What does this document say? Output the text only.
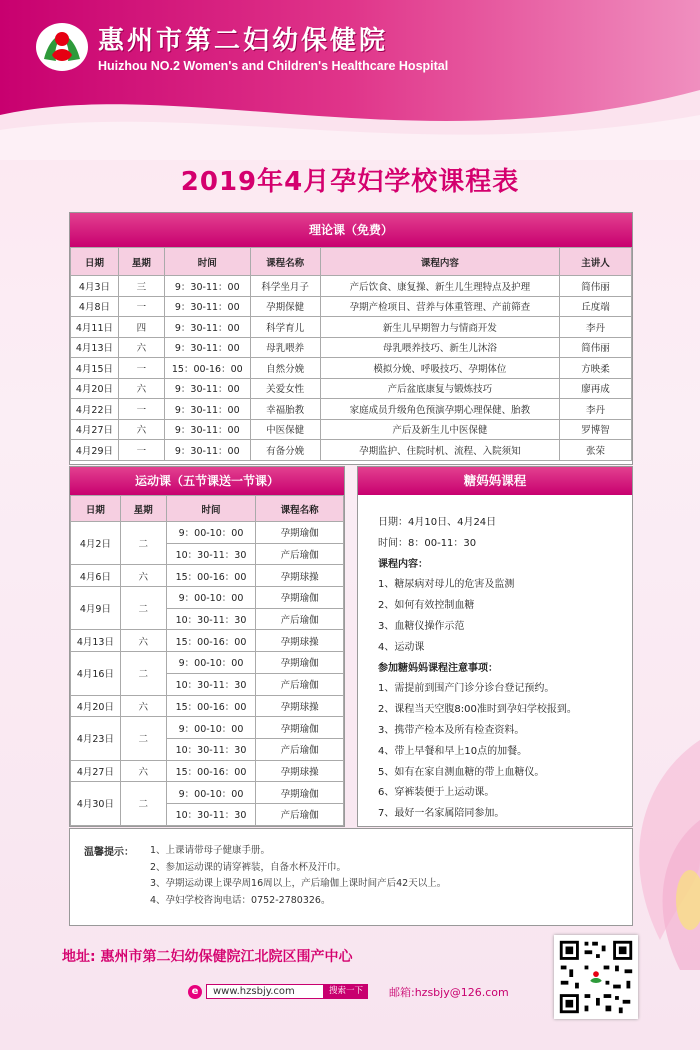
惠州市第二妇幼保健院
Huizhou NO.2 Women's and Children's Healthcare Hospital
2019年4月孕妇学校课程表
理论课（免费）
日期	星期	时间	课程名称	课程内容	主讲人
4月3日	三	9：30-11：00	科学坐月子	产后饮食、康复操、新生儿生理特点及护理	简伟丽
4月8日	一	9：30-11：00	孕期保健	孕期产检项目、营养与体重管理、产前筛查	丘度端
4月11日	四	9：30-11：00	科学育儿	新生儿早期智力与情商开发	李丹
4月13日	六	9：30-11：00	母乳喂养	母乳喂养技巧、新生儿沐浴	简伟丽
4月15日	一	15：00-16：00	自然分娩	模拟分娩、呼吸技巧、孕期体位	方映柔
4月20日	六	9：30-11：00	关爱女性	产后盆底康复与锻炼技巧	廖再成
4月22日	一	9：30-11：00	幸福胎教	家庭成员升级角色预演孕期心理保健、胎教	李丹
4月27日	六	9：30-11：00	中医保健	产后及新生儿中医保健	罗博智
4月29日	一	9：30-11：00	有备分娩	孕期监护、住院时机、流程、入院须知	张荣
运动课（五节课送一节课）
日期	星期	时间	课程名称
4月2日	二	9：00-10：00	孕期瑜伽
		10：30-11：30	产后瑜伽
4月6日	六	15：00-16：00	孕期球操
4月9日	二	9：00-10：00	孕期瑜伽
		10：30-11：30	产后瑜伽
4月13日	六	15：00-16：00	孕期球操
4月16日	二	9：00-10：00	孕期瑜伽
		10：30-11：30	产后瑜伽
4月20日	六	15：00-16：00	孕期球操
4月23日	二	9：00-10：00	孕期瑜伽
		10：30-11：30	产后瑜伽
4月27日	六	15：00-16：00	孕期球操
4月30日	二	9：00-10：00	孕期瑜伽
		10：30-11：30	产后瑜伽
糖妈妈课程
日期：4月10日、4月24日
时间：8：00-11：30
课程内容：
1、糖尿病对母儿的危害及监测
2、如何有效控制血糖
3、血糖仪操作示范
4、运动课
参加糖妈妈课程注意事项：
1、需提前到围产门诊分诊台登记预约。
2、课程当天空腹8:00准时到孕妇学校报到。
3、携带产检本及所有检查资料。
4、带上早餐和早上10点的加餐。
5、如有在家自测血糖的带上血糖仪。
6、穿裤装便于上运动课。
7、最好一名家属陪同参加。
温馨提示： 1、上课请带母子健康手册。
2、参加运动课的请穿裤装，自备水杯及汗巾。
3、孕期运动课上课孕周16周以上，产后瑜伽上课时间产后42天以上。
4、孕妇学校咨询电话：0752-2780326。
地址: 惠州市第二妇幼保健院江北院区围产中心
e	www.hzsbjy.com	搜索一下	邮箱:hzsbjy@126.com
